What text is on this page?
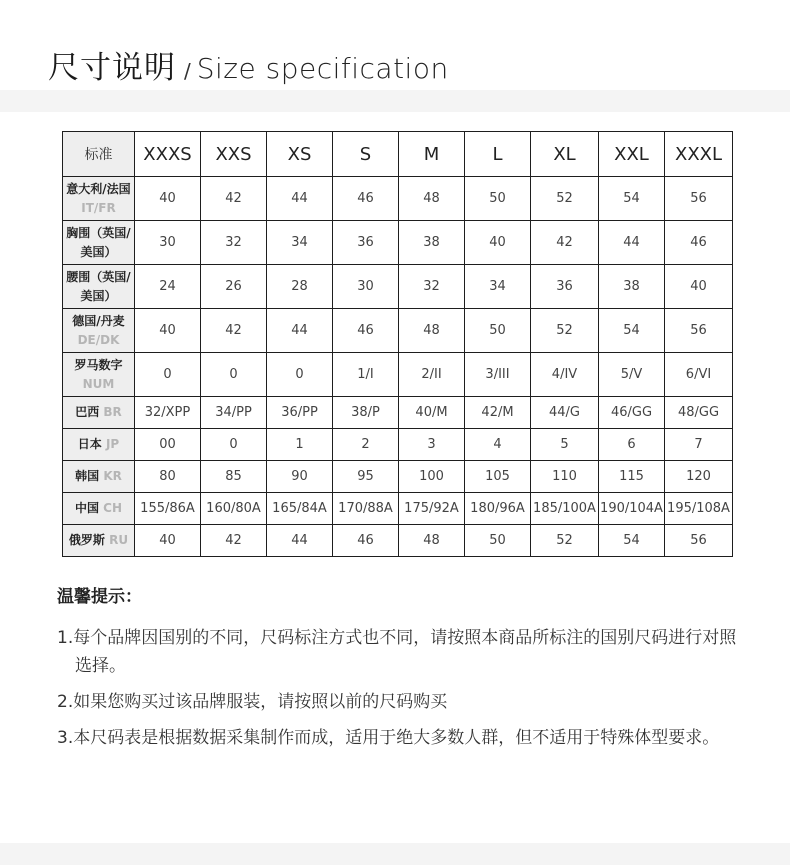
尺寸说明 / Size specification
标准	XXXS	XXS	XS	S	M	L	XL	XXL	XXXL
意大利/法国 IT/FR	40	42	44	46	48	50	52	54	56
胸围（英国/美国）	30	32	34	36	38	40	42	44	46
腰围（英国/美国）	24	26	28	30	32	34	36	38	40
德国/丹麦 DE/DK	40	42	44	46	48	50	52	54	56
罗马数字 NUM	0	0	0	1/I	2/II	3/III	4/IV	5/V	6/VI
巴西 BR	32/XPP	34/PP	36/PP	38/P	40/M	42/M	44/G	46/GG	48/GG
日本 JP	00	0	1	2	3	4	5	6	7
韩国 KR	80	85	90	95	100	105	110	115	120
中国 CH	155/86A	160/80A	165/84A	170/88A	175/92A	180/96A	185/100A	190/104A	195/108A
俄罗斯 RU	40	42	44	46	48	50	52	54	56
温馨提示：
1.每个品牌因国别的不同，尺码标注方式也不同，请按照本商品所标注的国别尺码进行对照选择。
2.如果您购买过该品牌服装，请按照以前的尺码购买
3.本尺码表是根据数据采集制作而成，适用于绝大多数人群，但不适用于特殊体型要求。
